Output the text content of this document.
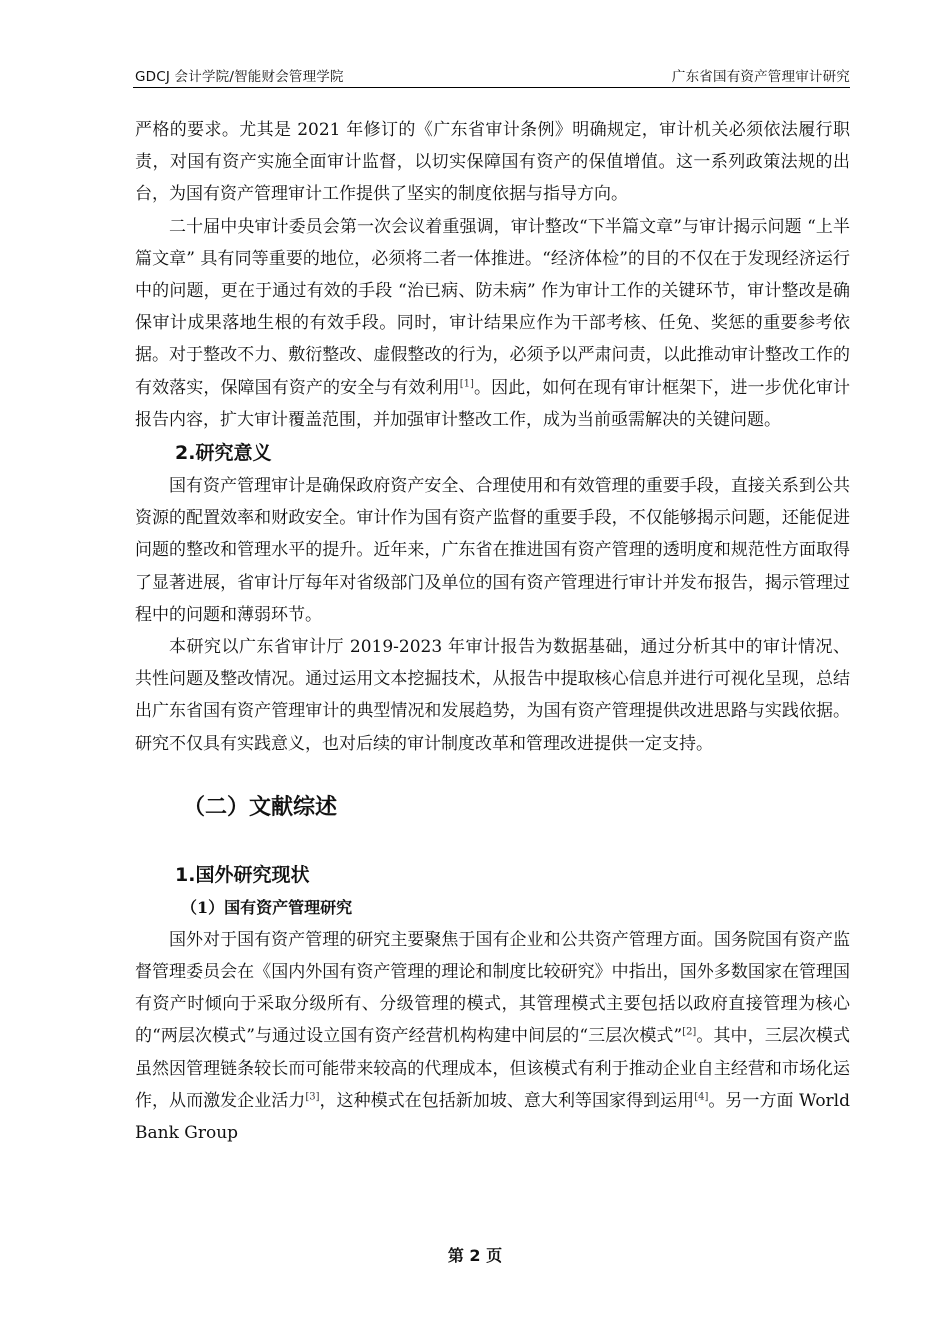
GDCJ 会计学院/智能财会管理学院	广东省国有资产管理审计研究

严格的要求。尤其是 2021 年修订的《广东省审计条例》明确规定，审计机关必须依法履行职责，对国有资产实施全面审计监督，以切实保障国有资产的保值增值。这一系列政策法规的出台，为国有资产管理审计工作提供了坚实的制度依据与指导方向。

二十届中央审计委员会第一次会议着重强调，审计整改“下半篇文章”与审计揭示问题 “上半篇文章” 具有同等重要的地位，必须将二者一体推进。“经济体检”的目的不仅在于发现经济运行中的问题，更在于通过有效的手段 “治已病、防未病” 作为审计工作的关键环节，审计整改是确保审计成果落地生根的有效手段。同时，审计结果应作为干部考核、任免、奖惩的重要参考依据。对于整改不力、敷衍整改、虚假整改的行为，必须予以严肃问责，以此推动审计整改工作的有效落实，保障国有资产的安全与有效利用[1]。因此，如何在现有审计框架下，进一步优化审计报告内容，扩大审计覆盖范围，并加强审计整改工作，成为当前亟需解决的关键问题。

2.研究意义

国有资产管理审计是确保政府资产安全、合理使用和有效管理的重要手段，直接关系到公共资源的配置效率和财政安全。审计作为国有资产监督的重要手段，不仅能够揭示问题，还能促进问题的整改和管理水平的提升。近年来，广东省在推进国有资产管理的透明度和规范性方面取得了显著进展，省审计厅每年对省级部门及单位的国有资产管理进行审计并发布报告，揭示管理过程中的问题和薄弱环节。

本研究以广东省审计厅 2019-2023 年审计报告为数据基础，通过分析其中的审计情况、共性问题及整改情况。通过运用文本挖掘技术，从报告中提取核心信息并进行可视化呈现，总结出广东省国有资产管理审计的典型情况和发展趋势，为国有资产管理提供改进思路与实践依据。研究不仅具有实践意义，也对后续的审计制度改革和管理改进提供一定支持。

（二）文献综述
1.国外研究现状
（1）国有资产管理研究

国外对于国有资产管理的研究主要聚焦于国有企业和公共资产管理方面。国务院国有资产监督管理委员会在《国内外国有资产管理的理论和制度比较研究》中指出，国外多数国家在管理国有资产时倾向于采取分级所有、分级管理的模式，其管理模式主要包括以政府直接管理为核心的“两层次模式”与通过设立国有资产经营机构构建中间层的“三层次模式”[2]。其中，三层次模式虽然因管理链条较长而可能带来较高的代理成本，但该模式有利于推动企业自主经营和市场化运作，从而激发企业活力[3]，这种模式在包括新加坡、意大利等国家得到运用[4]。另一方面 World Bank Group

第 2 页
